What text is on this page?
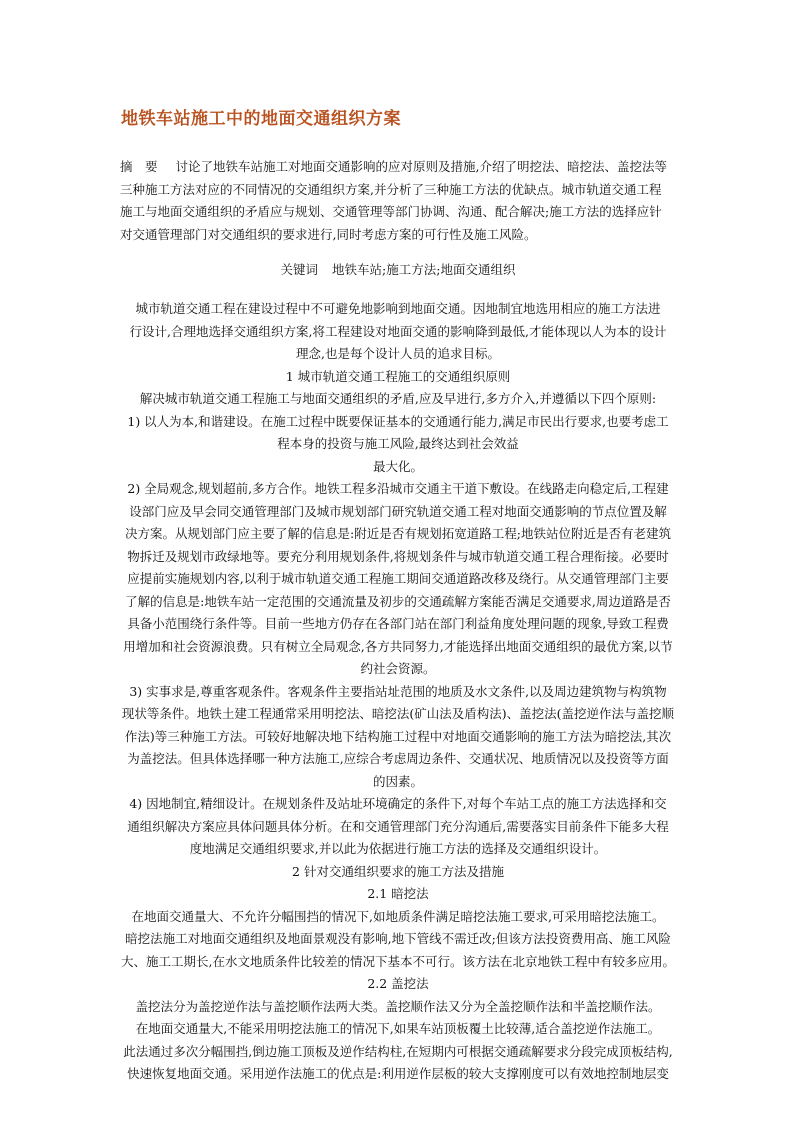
地铁车站施工中的地面交通组织方案
摘　要 讨论了地铁车站施工对地面交通影响的应对原则及措施,介绍了明挖法、暗挖法、盖挖法等
三种施工方法对应的不同情况的交通组织方案,并分析了三种施工方法的优缺点。城市轨道交通工程
施工与地面交通组织的矛盾应与规划、交通管理等部门协调、沟通、配合解决;施工方法的选择应针
对交通管理部门对交通组织的要求进行,同时考虑方案的可行性及施工风险。
关键词 地铁车站;施工方法;地面交通组织
城市轨道交通工程在建设过程中不可避免地影响到地面交通。因地制宜地选用相应的施工方法进
行设计,合理地选择交通组织方案,将工程建设对地面交通的影响降到最低,才能体现以人为本的设计
理念,也是每个设计人员的追求目标。
1 城市轨道交通工程施工的交通组织原则
解决城市轨道交通工程施工与地面交通组织的矛盾,应及早进行,多方介入,并遵循以下四个原则:
1) 以人为本,和谐建设。在施工过程中既要保证基本的交通通行能力,满足市民出行要求,也要考虑工
程本身的投资与施工风险,最终达到社会效益
最大化。
2) 全局观念,规划超前,多方合作。地铁工程多沿城市交通主干道下敷设。在线路走向稳定后,工程建
设部门应及早会同交通管理部门及城市规划部门研究轨道交通工程对地面交通影响的节点位置及解
决方案。从规划部门应主要了解的信息是:附近是否有规划拓宽道路工程;地铁站位附近是否有老建筑
物拆迁及规划市政绿地等。要充分利用规划条件,将规划条件与城市轨道交通工程合理衔接。必要时
应提前实施规划内容,以利于城市轨道交通工程施工期间交通道路改移及绕行。从交通管理部门主要
了解的信息是:地铁车站一定范围的交通流量及初步的交通疏解方案能否满足交通要求,周边道路是否
具备小范围绕行条件等。目前一些地方仍存在各部门站在部门利益角度处理问题的现象,导致工程费
用增加和社会资源浪费。只有树立全局观念,各方共同努力,才能选择出地面交通组织的最优方案,以节
约社会资源。
3) 实事求是,尊重客观条件。客观条件主要指站址范围的地质及水文条件,以及周边建筑物与构筑物
现状等条件。地铁土建工程通常采用明挖法、暗挖法(矿山法及盾构法)、盖挖法(盖挖逆作法与盖挖顺
作法)等三种施工方法。可较好地解决地下结构施工过程中对地面交通影响的施工方法为暗挖法,其次
为盖挖法。但具体选择哪一种方法施工,应综合考虑周边条件、交通状况、地质情况以及投资等方面
的因素。
4) 因地制宜,精细设计。在规划条件及站址环境确定的条件下,对每个车站工点的施工方法选择和交
通组织解决方案应具体问题具体分析。在和交通管理部门充分沟通后,需要落实目前条件下能多大程
度地满足交通组织要求,并以此为依据进行施工方法的选择及交通组织设计。
2 针对交通组织要求的施工方法及措施
2.1 暗挖法
在地面交通量大、不允许分幅围挡的情况下,如地质条件满足暗挖法施工要求,可采用暗挖法施工。
暗挖法施工对地面交通组织及地面景观没有影响,地下管线不需迁改;但该方法投资费用高、施工风险
大、施工工期长,在水文地质条件比较差的情况下基本不可行。该方法在北京地铁工程中有较多应用。
2.2 盖挖法
盖挖法分为盖挖逆作法与盖挖顺作法两大类。盖挖顺作法又分为全盖挖顺作法和半盖挖顺作法。
在地面交通量大,不能采用明挖法施工的情况下,如果车站顶板覆土比较薄,适合盖挖逆作法施工。
此法通过多次分幅围挡,倒边施工顶板及逆作结构柱,在短期内可根据交通疏解要求分段完成顶板结构,
快速恢复地面交通。采用逆作法施工的优点是:利用逆作层板的较大支撑刚度可以有效地控制地层变
